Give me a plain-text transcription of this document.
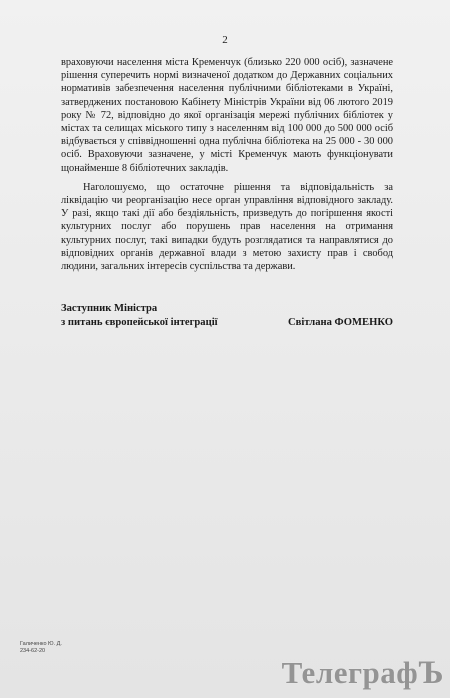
2

враховуючи населення міста Кременчук (близько 220 000 осіб), зазначене рішення суперечить нормі визначеної додатком до Державних соціальних нормативів забезпечення населення публічними бібліотеками в Україні, затверджених постановою Кабінету Міністрів України від 06 лютого 2019 року № 72, відповідно до якої організація мережі публічних бібліотек у містах та селищах міського типу з населенням від 100 000 до 500 000 осіб відбувається у співвідношенні одна публічна бібліотека на 25 000 - 30 000 осіб. Враховуючи зазначене, у місті Кременчук мають функціонувати щонайменше 8 бібліотечних закладів.

Наголошуємо, що остаточне рішення та відповідальність за ліквідацію чи реорганізацію несе орган управління відповідного закладу. У разі, якщо такі дії або бездіяльність, призведуть до погіршення якості культурних послуг або порушень прав населення на отримання культурних послуг, такі випадки будуть розглядатися та направлятися до відповідних органів державної влади з метою захисту прав і свобод людини, загальних інтересів суспільства та держави.

Заступник Міністра
з питань європейської інтеграції	Світлана ФОМЕНКО
Галиченко Ю. Д.
234-62-20
ТелеграфЪ
